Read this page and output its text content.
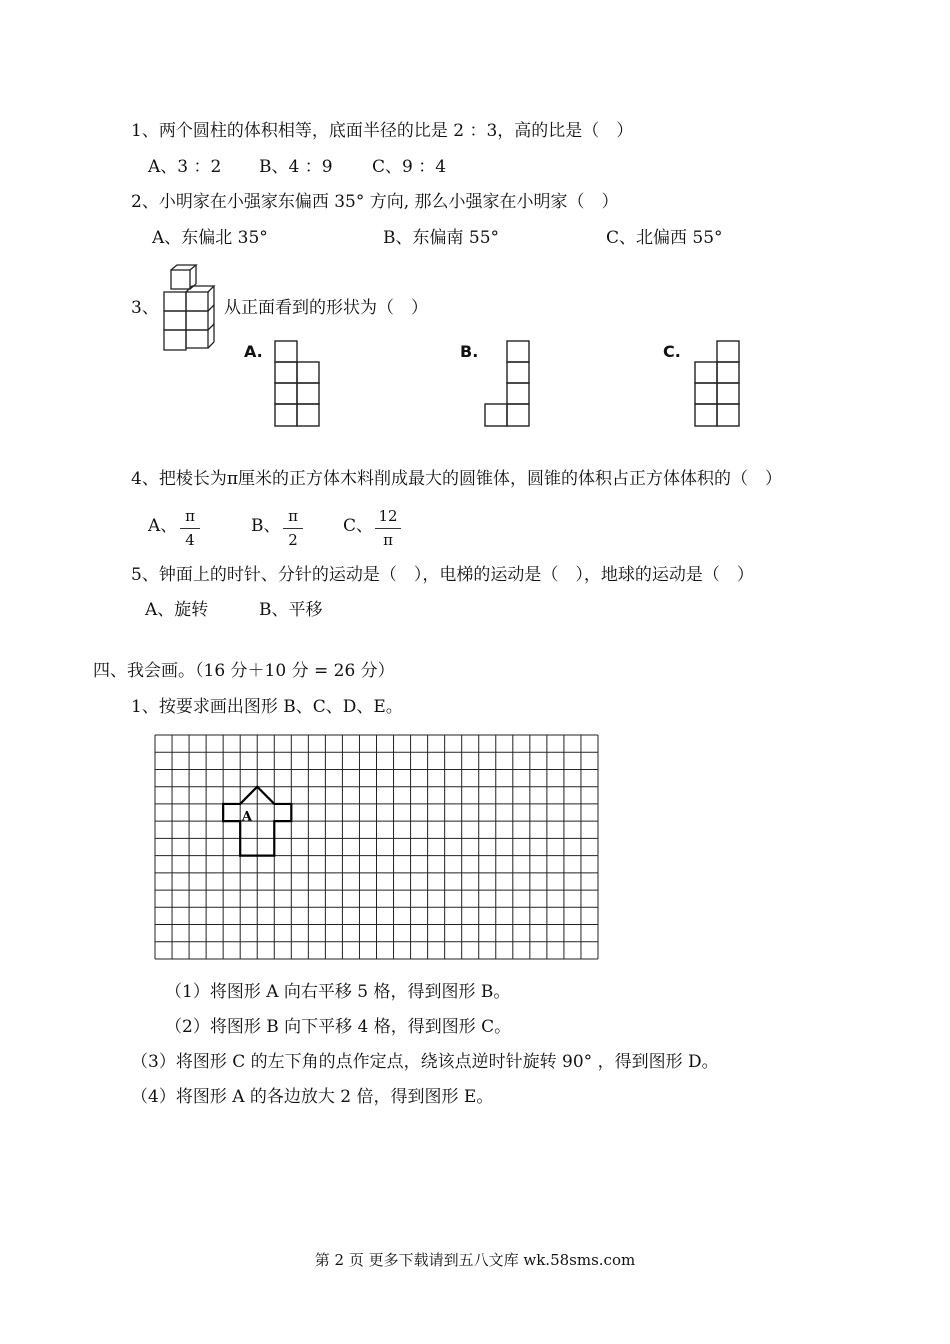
1、两个圆柱的体积相等，底面半径的比是 2 ：3，高的比是（　）
A、3 ：2 B、4 ：9 C、9 ：4
2、小明家在小强家东偏西 35° 方向, 那么小强家在小明家（　）
A、东偏北 35°	B、东偏南 55°	C、北偏西 55°
3、	从正面看到的形状为（　）
A.	B.	C.
4、把棱长为π厘米的正方体木料削成最大的圆锥体，圆锥的体积占正方体体积的（　）
A、 π
4
B、 π
2
C、 12
π
5、钟面上的时针、分针的运动是（　），电梯的运动是（　），地球的运动是（　）
A、旋转	B、平移
四、我会画。（16 分＋10 分 = 26 分）
1、按要求画出图形 B、C、D、E。
A
（1）将图形 A 向右平移 5 格，得到图形 B。
（2）将图形 B 向下平移 4 格，得到图形 C。
（3）将图形 C 的左下角的点作定点，绕该点逆时针旋转 90° ，得到图形 D。
（4）将图形 A 的各边放大 2 倍，得到图形 E。
第 2 页 更多下载请到五八文库 wk.58sms.com
